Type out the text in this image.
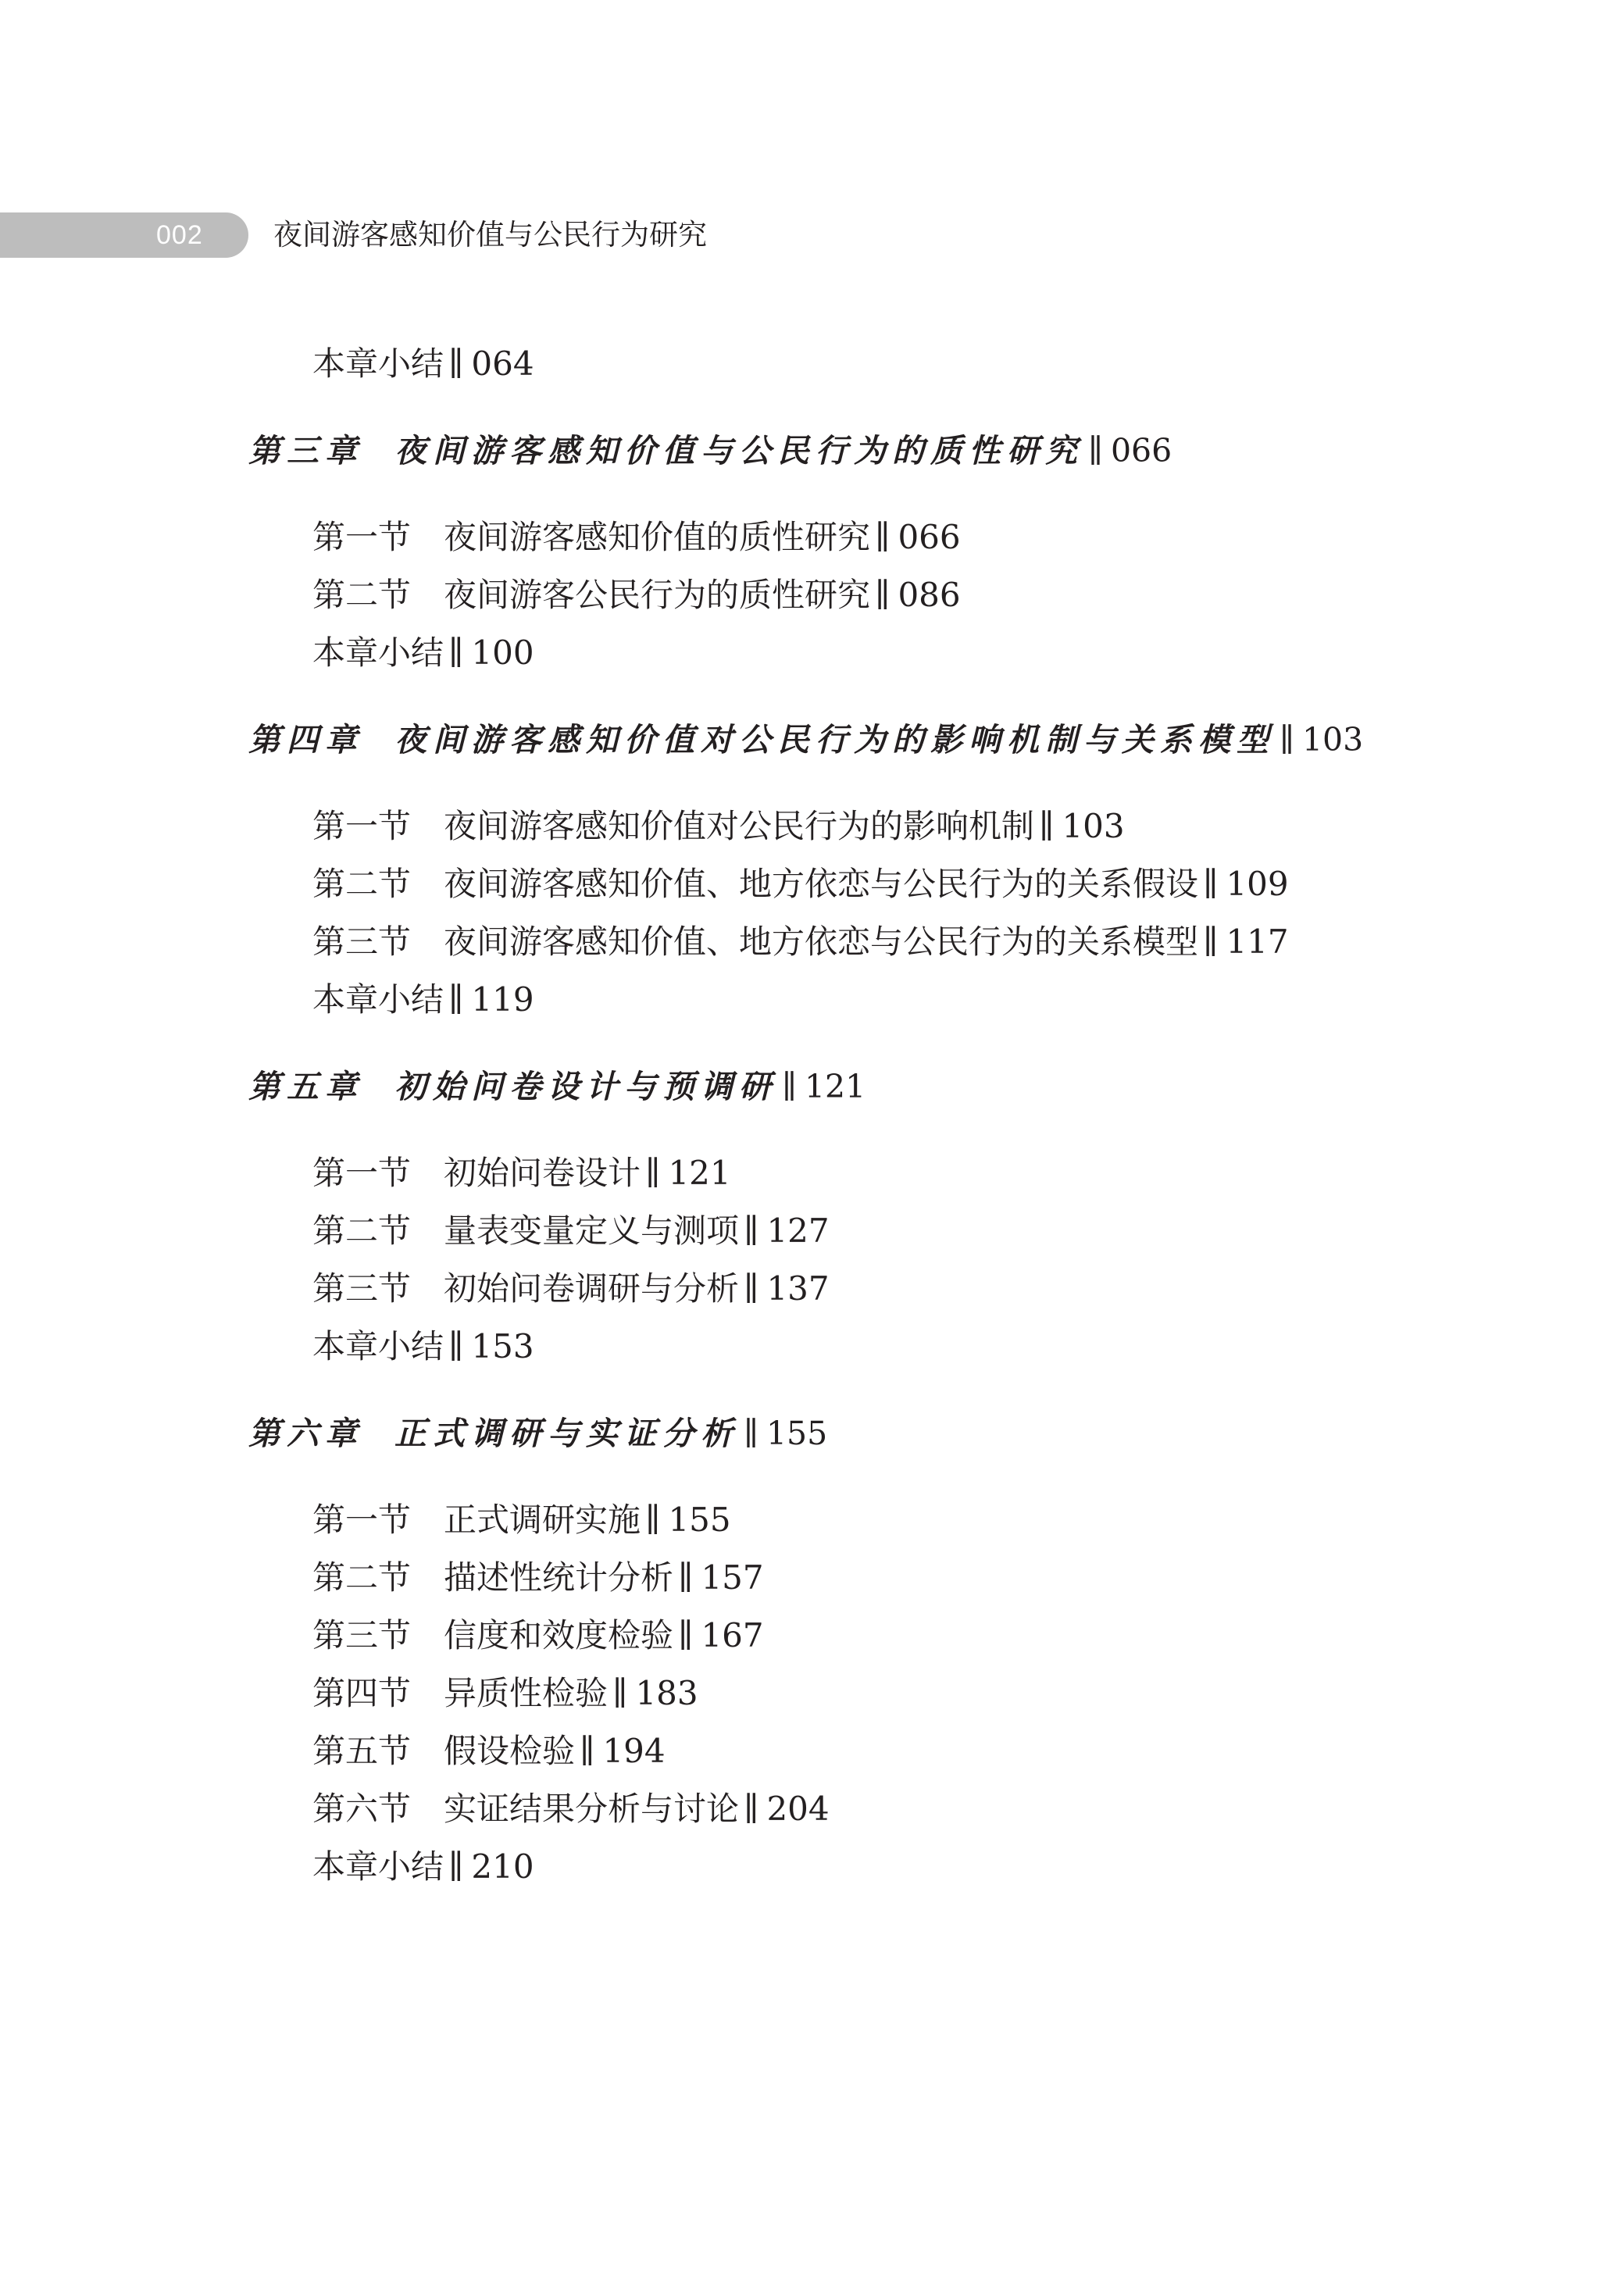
002 夜间游客感知价值与公民行为研究
本章小结 ∥ 064
第三章 夜间游客感知价值与公民行为的质性研究 ∥ 066
第一节 夜间游客感知价值的质性研究 ∥ 066
第二节 夜间游客公民行为的质性研究 ∥ 086
本章小结 ∥ 100
第四章 夜间游客感知价值对公民行为的影响机制与关系模型 ∥ 103
第一节 夜间游客感知价值对公民行为的影响机制 ∥ 103
第二节 夜间游客感知价值、地方依恋与公民行为的关系假设 ∥ 109
第三节 夜间游客感知价值、地方依恋与公民行为的关系模型 ∥ 117
本章小结 ∥ 119
第五章 初始问卷设计与预调研 ∥ 121
第一节 初始问卷设计 ∥ 121
第二节 量表变量定义与测项 ∥ 127
第三节 初始问卷调研与分析 ∥ 137
本章小结 ∥ 153
第六章 正式调研与实证分析 ∥ 155
第一节 正式调研实施 ∥ 155
第二节 描述性统计分析 ∥ 157
第三节 信度和效度检验 ∥ 167
第四节 异质性检验 ∥ 183
第五节 假设检验 ∥ 194
第六节 实证结果分析与讨论 ∥ 204
本章小结 ∥ 210
